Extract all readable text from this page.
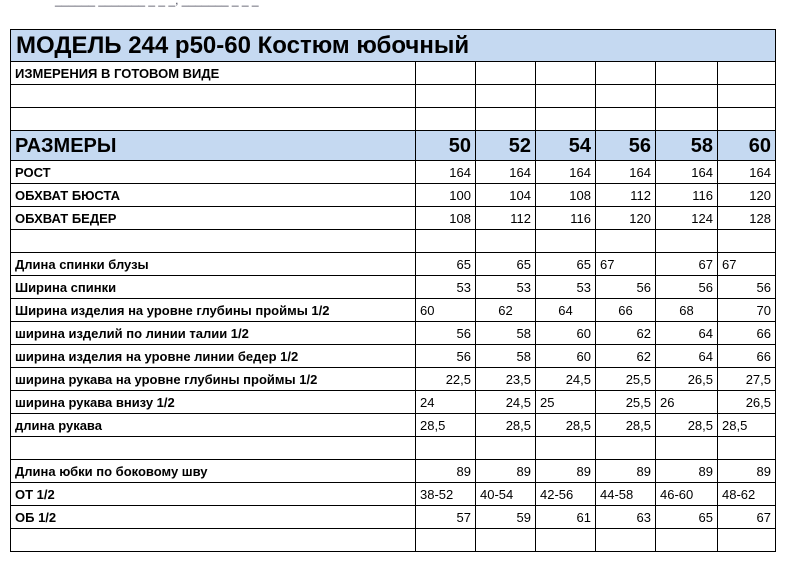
______ _______ _ _ _, _______ _ _ _
МОДЕЛЬ 244 р50-60 Костюм юбочный						
ИЗМЕРЕНИЯ В ГОТОВОМ ВИДЕ						

РАЗМЕРЫ	50	52	54	56	58	60
РОСТ	164	164	164	164	164	164
ОБХВАТ БЮСТА	100	104	108	112	116	120
ОБХВАТ БЕДЕР	108	112	116	120	124	128

Длина спинки блузы	65	65	65	67	67	67
Ширина спинки	53	53	53	56	56	56
Ширина изделия на уровне глубины проймы 1/2	60	62	64	66	68	70
ширина изделий по линии талии 1/2	56	58	60	62	64	66
ширина изделия на уровне линии бедер 1/2	56	58	60	62	64	66
ширина рукава на уровне глубины проймы 1/2	22,5	23,5	24,5	25,5	26,5	27,5
ширина рукава внизу 1/2	24	24,5	25	25,5	26	26,5
длина рукава	28,5	28,5	28,5	28,5	28,5	28,5

Длина юбки по боковому шву	89	89	89	89	89	89
ОТ 1/2	38-52	40-54	42-56	44-58	46-60	48-62
ОБ 1/2	57	59	61	63	65	67
